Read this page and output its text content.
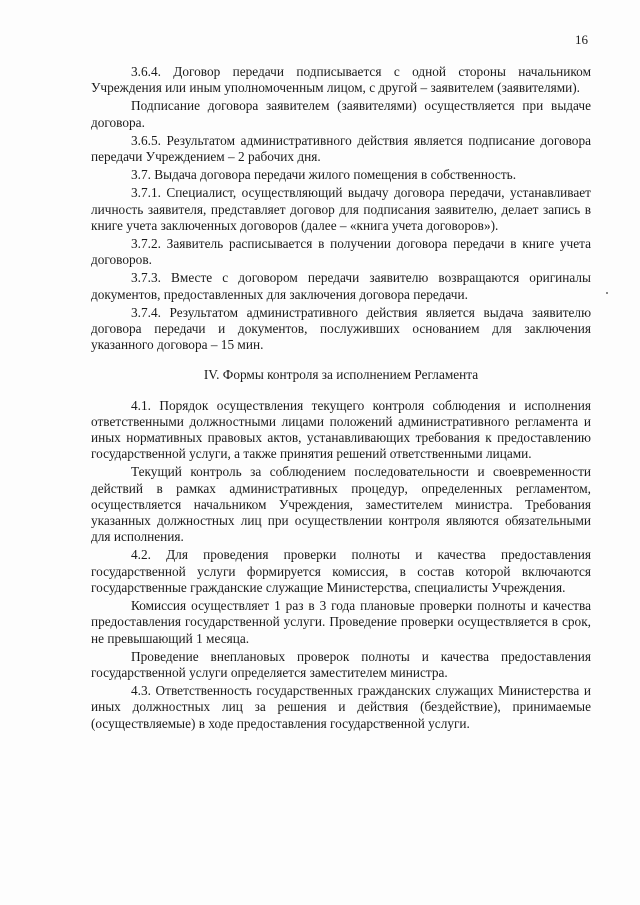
16

3.6.4. Договор передачи подписывается с одной стороны начальником Учреждения или иным уполномоченным лицом, с другой – заявителем (заявителями).

Подписание договора заявителем (заявителями) осуществляется при выдаче договора.

3.6.5. Результатом административного действия является подписание договора передачи Учреждением – 2 рабочих дня.

3.7. Выдача договора передачи жилого помещения в собственность.

3.7.1. Специалист, осуществляющий выдачу договора передачи, устанавливает личность заявителя, представляет договор для подписания заявителю, делает запись в книге учета заключенных договоров (далее – «книга учета договоров»).

3.7.2. Заявитель расписывается в получении договора передачи в книге учета договоров.

3.7.3. Вместе с договором передачи заявителю возвращаются оригиналы документов, предоставленных для заключения договора передачи.

3.7.4. Результатом административного действия является выдача заявителю договора передачи и документов, послуживших основанием для заключения указанного договора – 15 мин.

IV. Формы контроля за исполнением Регламента

4.1. Порядок осуществления текущего контроля соблюдения и исполнения ответственными должностными лицами положений административного регламента и иных нормативных правовых актов, устанавливающих требования к предоставлению государственной услуги, а также принятия решений ответственными лицами.

Текущий контроль за соблюдением последовательности и своевременности действий в рамках административных процедур, определенных регламентом, осуществляется начальником Учреждения, заместителем министра. Требования указанных должностных лиц при осуществлении контроля являются обязательными для исполнения.

4.2. Для проведения проверки полноты и качества предоставления государственной услуги формируется комиссия, в состав которой включаются государственные гражданские служащие Министерства, специалисты Учреждения.

Комиссия осуществляет 1 раз в 3 года плановые проверки полноты и качества предоставления государственной услуги. Проведение проверки осуществляется в срок, не превышающий 1 месяца.

Проведение внеплановых проверок полноты и качества предоставления государственной услуги определяется заместителем министра.

4.3. Ответственность государственных гражданских служащих Министерства и иных должностных лиц за решения и действия (бездействие), принимаемые (осуществляемые) в ходе предоставления государственной услуги.
